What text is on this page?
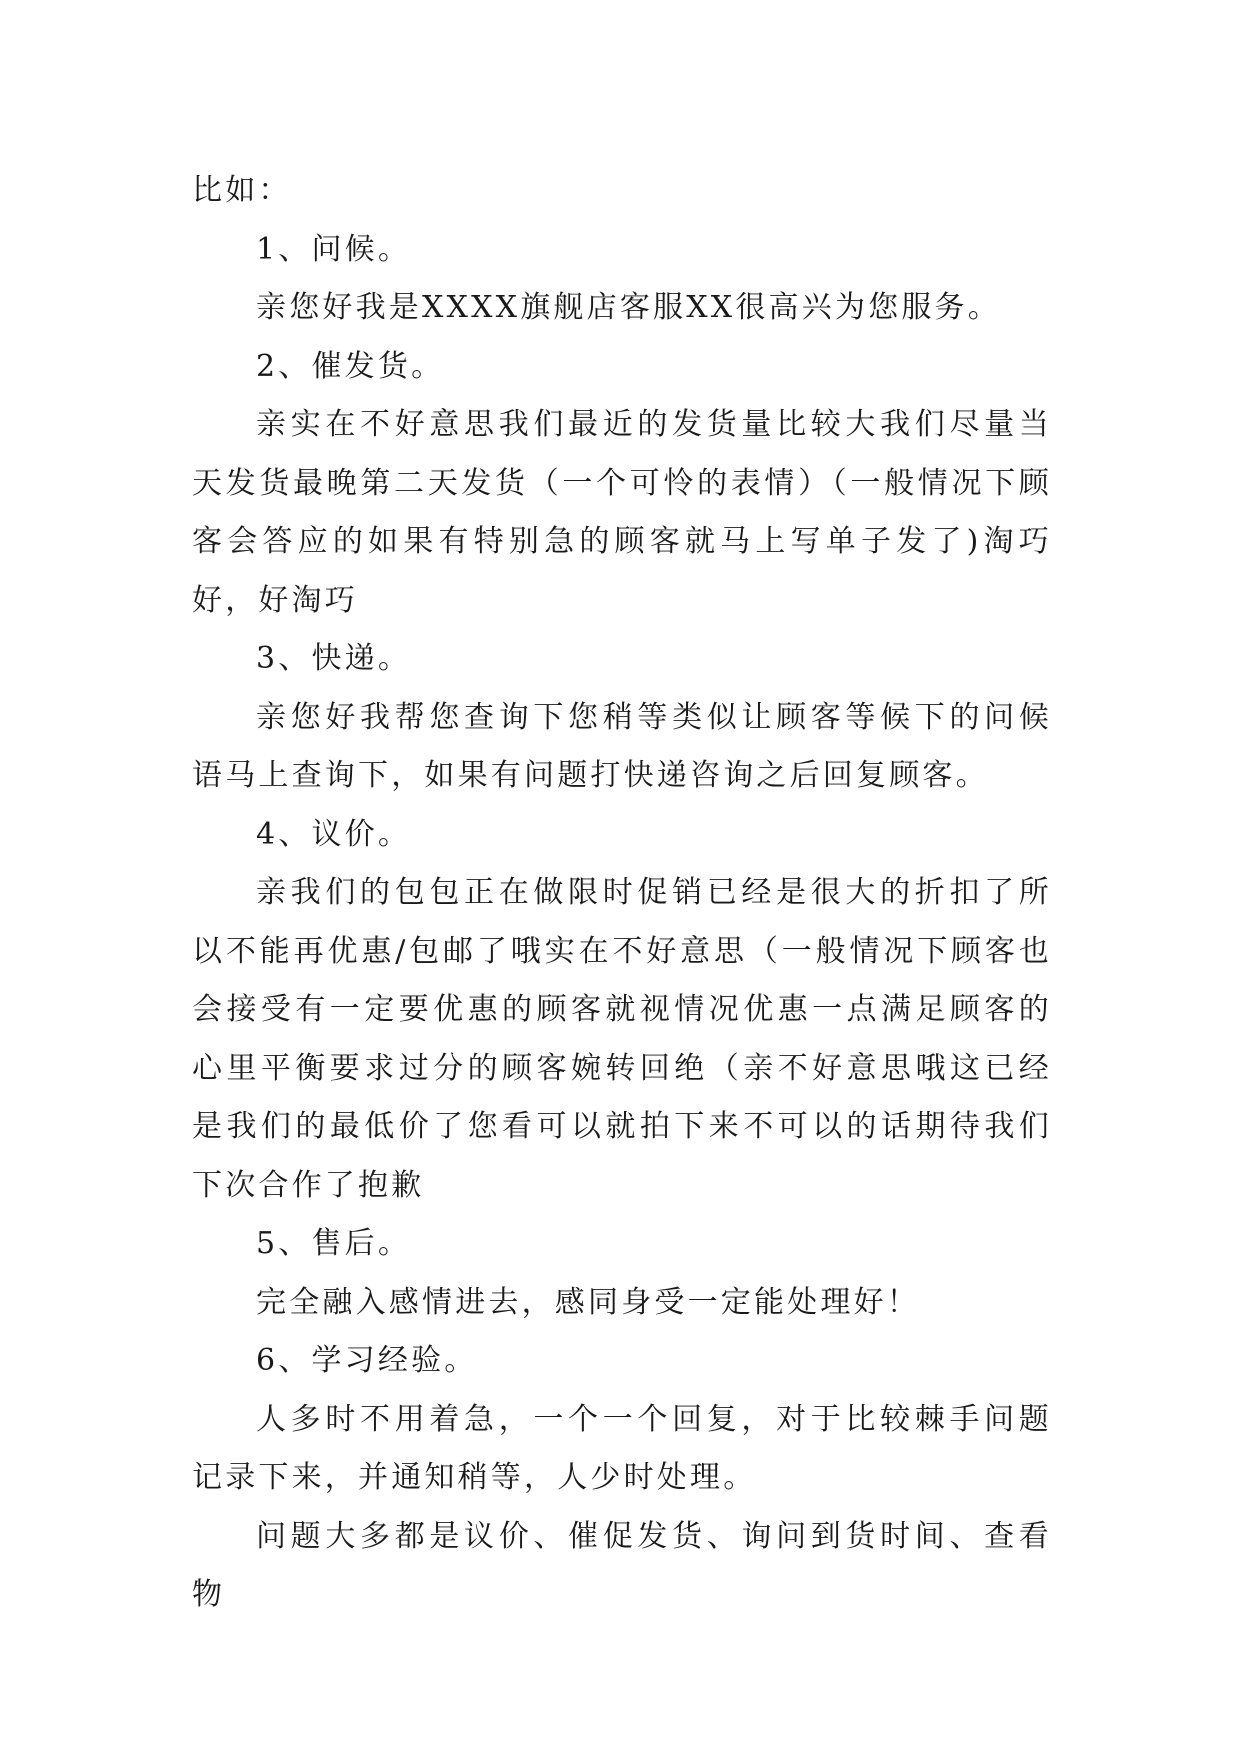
比如：

1、问候。

亲您好我是XXXX旗舰店客服XX很高兴为您服务。

2、催发货。

亲实在不好意思我们最近的发货量比较大我们尽量当天发货最晚第二天发货（一个可怜的表情）（一般情况下顾客会答应的如果有特别急的顾客就马上写单子发了)淘巧好，好淘巧

3、快递。

亲您好我帮您查询下您稍等类似让顾客等候下的问候语马上查询下，如果有问题打快递咨询之后回复顾客。

4、议价。

亲我们的包包正在做限时促销已经是很大的折扣了所以不能再优惠/包邮了哦实在不好意思（一般情况下顾客也会接受有一定要优惠的顾客就视情况优惠一点满足顾客的心里平衡要求过分的顾客婉转回绝（亲不好意思哦这已经是我们的最低价了您看可以就拍下来不可以的话期待我们下次合作了抱歉

5、售后。

完全融入感情进去，感同身受一定能处理好！

6、学习经验。

人多时不用着急，一个一个回复，对于比较棘手问题记录下来，并通知稍等，人少时处理。

问题大多都是议价、催促发货、询问到货时间、查看物
